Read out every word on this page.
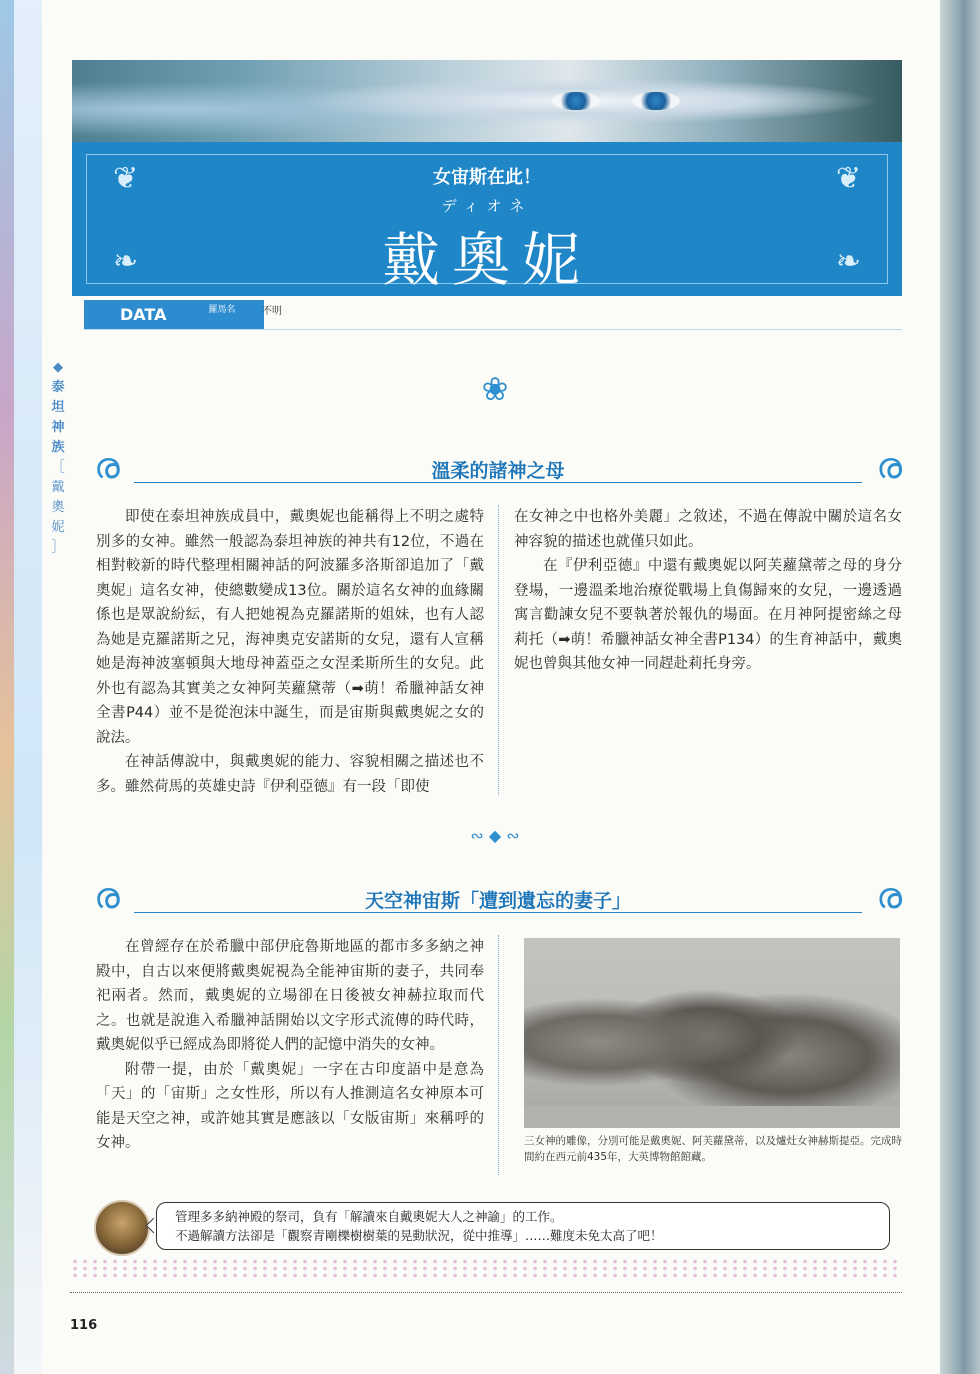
◆
泰
坦
神
族
［
戴
奧
妮
］
❦	❦
❧	❧
女宙斯在此！
ディオネ
戴奧妮
DATA	羅馬名	不明
❀
ര	ര
溫柔的諸神之母

即使在泰坦神族成員中，戴奧妮也能稱得上不明之處特別多的女神。雖然一般認為泰坦神族的神共有12位，不過在相對較新的時代整理相關神話的阿波羅多洛斯卻追加了「戴奧妮」這名女神，使總數變成13位。關於這名女神的血緣關係也是眾說紛紜，有人把她視為克羅諾斯的姐妹，也有人認為她是克羅諾斯之兄，海神奧克安諾斯的女兒，還有人宣稱她是海神波塞頓與大地母神蓋亞之女涅柔斯所生的女兒。此外也有認為其實美之女神阿芙蘿黛蒂（➡萌！希臘神話女神全書P44）並不是從泡沫中誕生，而是宙斯與戴奧妮之女的說法。

在神話傳說中，與戴奧妮的能力、容貌相關之描述也不多。雖然荷馬的英雄史詩『伊利亞德』有一段「即使

在女神之中也格外美麗」之敘述，不過在傳說中關於這名女神容貌的描述也就僅只如此。

在『伊利亞德』中還有戴奧妮以阿芙蘿黛蒂之母的身分登場，一邊溫柔地治療從戰場上負傷歸來的女兒，一邊透過寓言勸諫女兒不要執著於報仇的場面。在月神阿提密絲之母莉托（➡萌！希臘神話女神全書P134）的生育神話中，戴奧妮也曾與其他女神一同趕赴莉托身旁。

∾ ◆ ∾
ര	ര
天空神宙斯「遭到遺忘的妻子」

在曾經存在於希臘中部伊庇魯斯地區的都市多多納之神殿中，自古以來便將戴奧妮視為全能神宙斯的妻子，共同奉祀兩者。然而，戴奧妮的立場卻在日後被女神赫拉取而代之。也就是說進入希臘神話開始以文字形式流傳的時代時，戴奧妮似乎已經成為即將從人們的記憶中消失的女神。

附帶一提，由於「戴奧妮」一字在古印度語中是意為「天」的「宙斯」之女性形，所以有人推測這名女神原本可能是天空之神，或許她其實是應該以「女版宙斯」來稱呼的女神。	三女神的雕像，分別可能是戴奧妮、阿芙蘿黛蒂，以及爐灶女神赫斯提亞。完成時間約在西元前435年，大英博物館館藏。
管理多多納神殿的祭司，負有「解讀來自戴奧妮大人之神諭」的工作。
不過解讀方法卻是「觀察青剛櫟樹樹葉的晃動狀況，從中推導」……難度未免太高了吧！
116
